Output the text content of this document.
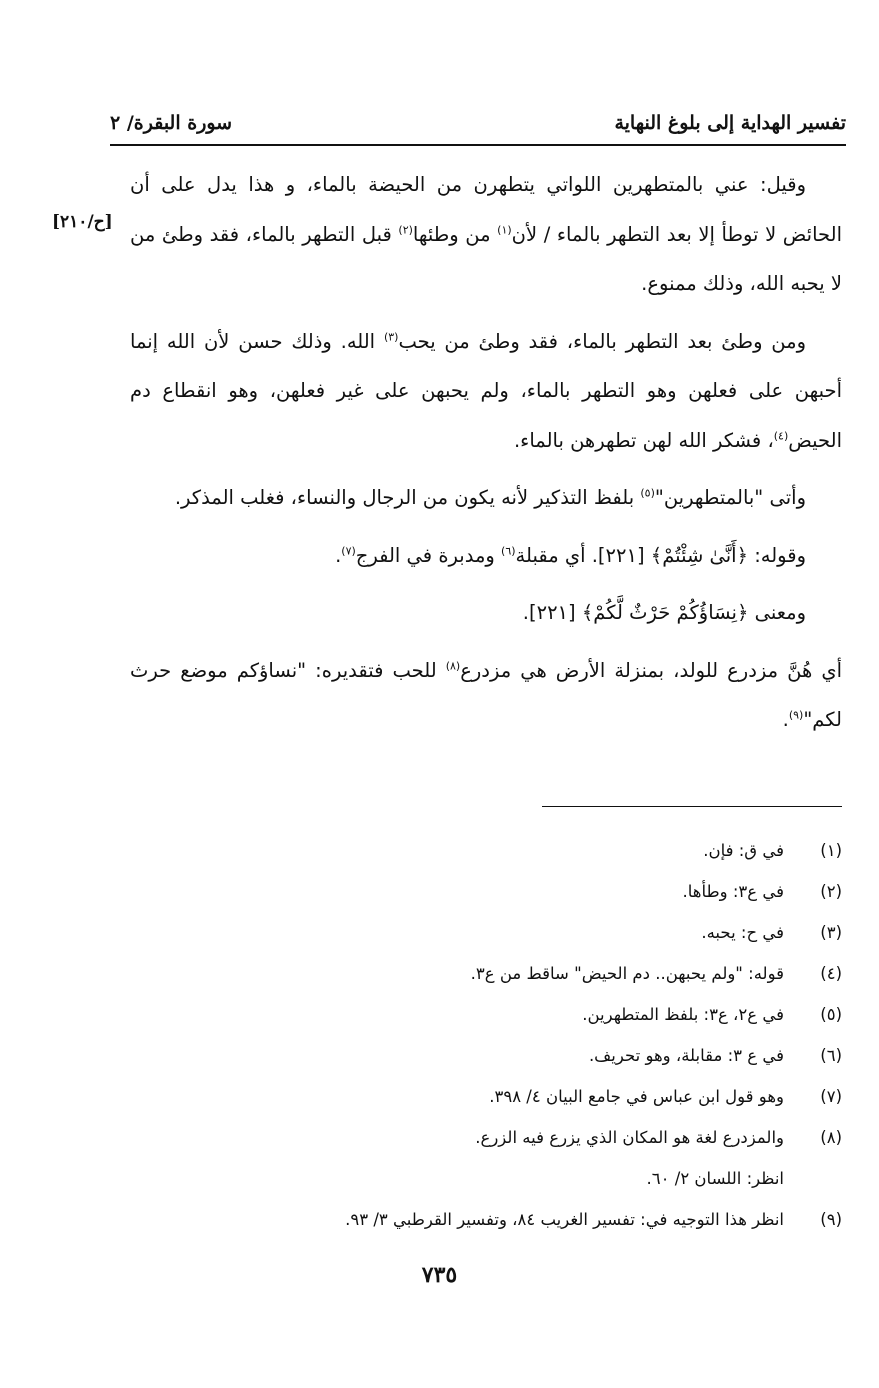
تفسير الهداية إلى بلوغ النهاية
سورة البقرة/ ٢
[ح/٢١٠]

وقيل: عني بالمتطهرين اللواتي يتطهرن من الحيضة بالماء، و هذا يدل على أن الحائض لا توطأ إلا بعد التطهر بالماء / لأن$^{(١)}$ من وطئها$^{(٢)}$ قبل التطهر بالماء، فقد وطئ من لا يحبه الله، وذلك ممنوع.

ومن وطئ بعد التطهر بالماء، فقد وطئ من يحب$^{(٣)}$ الله. وذلك حسن لأن الله إنما أحبهن على فعلهن وهو التطهر بالماء، ولم يحبهن على غير فعلهن، وهو انقطاع دم الحيض$^{(٤)}$، فشكر الله لهن تطهرهن بالماء.

وأتى "بالمتطهرين"$^{(٥)}$ بلفظ التذكير لأنه يكون من الرجال والنساء، فغلب المذكر.

وقوله: ﴿أَنَّىٰ شِئْتُمْ﴾ [٢٢١]. أي مقبلة$^{(٦)}$ ومدبرة في الفرج$^{(٧)}$.

ومعنى ﴿نِسَاؤُكُمْ حَرْثٌ لَّكُمْ﴾ [٢٢١].

أي هُنَّ مزدرع للولد، بمنزلة الأرض هي مزدرع$^{(٨)}$ للحب فتقديره: "نساؤكم موضع حرث لكم"$^{(٩)}$.

(١)
في ق: فإن.
(٢)
في ع٣: وطأها.
(٣)
في ح: يحبه.
(٤)
قوله: "ولم يحبهن.. دم الحيض" ساقط من ع٣.
(٥)
في ع٢، ع٣: بلفظ المتطهرين.
(٦)
في ع ٣: مقابلة، وهو تحريف.
(٧)
وهو قول ابن عباس في جامع البيان ٤/ ٣٩٨.
(٨)
والمزدرع لغة هو المكان الذي يزرع فيه الزرع.
انظر: اللسان ٢/ ٦٠.
(٩)
انظر هذا التوجيه في: تفسير الغريب ٨٤، وتفسير القرطبي ٣/ ٩٣.
٧٣٥
